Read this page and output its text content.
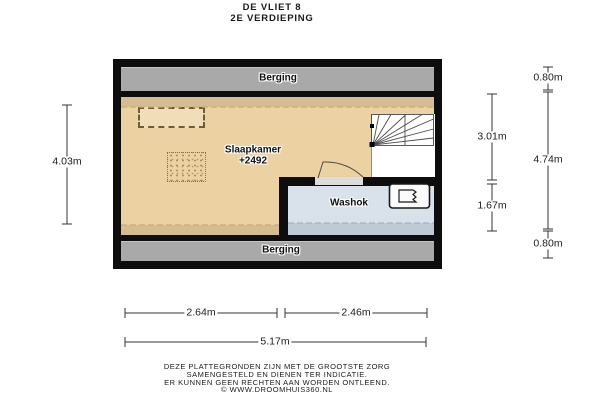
DE VLIET 8
2E VERDIEPING
Berging
Slaapkamer
+2492
Washok
Berging
4.03m
3.01m
1.67m
0.80m
4.74m
0.80m
2.64m	2.46m
5.17m
DEZE PLATTEGRONDEN ZIJN MET DE GROOTSTE ZORG
SAMENGESTELD EN DIENEN TER INDICATIE.
ER KUNNEN GEEN RECHTEN AAN WORDEN ONTLEEND.
© WWW.DROOMHUIS360.NL
